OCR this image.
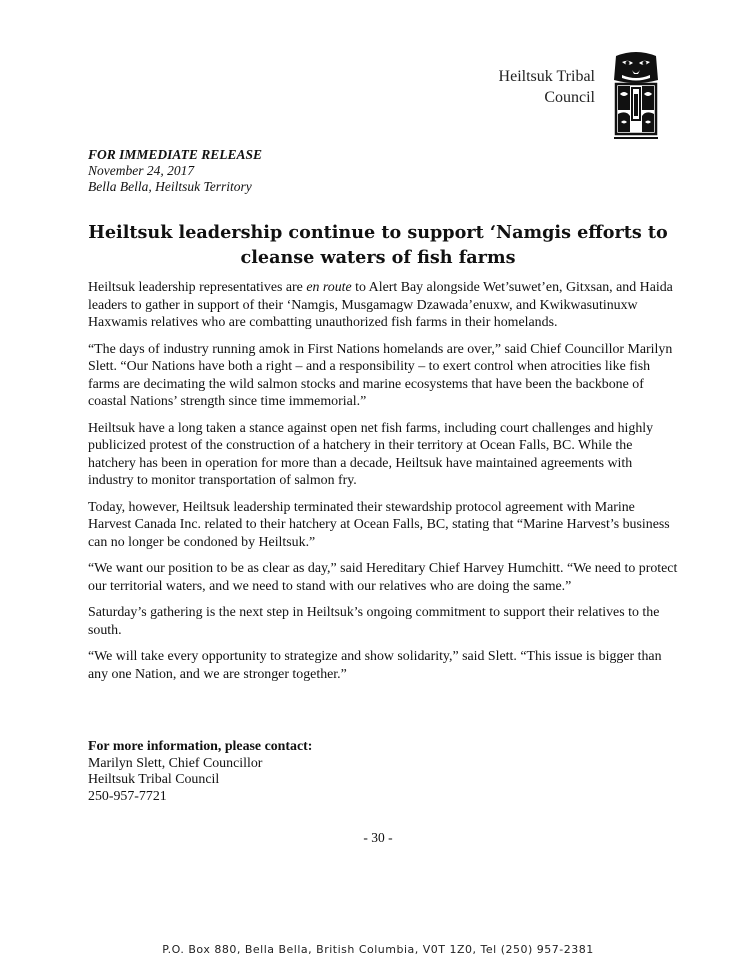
Heiltsuk Tribal
Council
FOR IMMEDIATE RELEASE
November 24, 2017
Bella Bella, Heiltsuk Territory
Heiltsuk leadership continue to support ‘Namgis efforts to cleanse waters of fish farms

Heiltsuk leadership representatives are en route to Alert Bay alongside Wet’suwet’en, Gitxsan, and Haida leaders to gather in support of their ‘Namgis, Musgamagw Dzawada’enuxw, and Kwikwasutinuxw Haxwamis relatives who are combatting unauthorized fish farms in their homelands.

“The days of industry running amok in First Nations homelands are over,” said Chief Councillor Marilyn Slett. “Our Nations have both a right – and a responsibility – to exert control when atrocities like fish farms are decimating the wild salmon stocks and marine ecosystems that have been the backbone of coastal Nations’ strength since time immemorial.”

Heiltsuk have a long taken a stance against open net fish farms, including court challenges and highly publicized protest of the construction of a hatchery in their territory at Ocean Falls, BC. While the hatchery has been in operation for more than a decade, Heiltsuk have maintained agreements with industry to monitor transportation of salmon fry.

Today, however, Heiltsuk leadership terminated their stewardship protocol agreement with Marine Harvest Canada Inc. related to their hatchery at Ocean Falls, BC, stating that “Marine Harvest’s business can no longer be condoned by Heiltsuk.”

“We want our position to be as clear as day,” said Hereditary Chief Harvey Humchitt. “We need to protect our territorial waters, and we need to stand with our relatives who are doing the same.”

Saturday’s gathering is the next step in Heiltsuk’s ongoing commitment to support their relatives to the south.

“We will take every opportunity to strategize and show solidarity,” said Slett. “This issue is bigger than any one Nation, and we are stronger together.”

For more information, please contact:
Marilyn Slett, Chief Councillor
Heiltsuk Tribal Council
250-957-7721
- 30 -
P.O. Box 880, Bella Bella, British Columbia, V0T 1Z0, Tel (250) 957-2381
